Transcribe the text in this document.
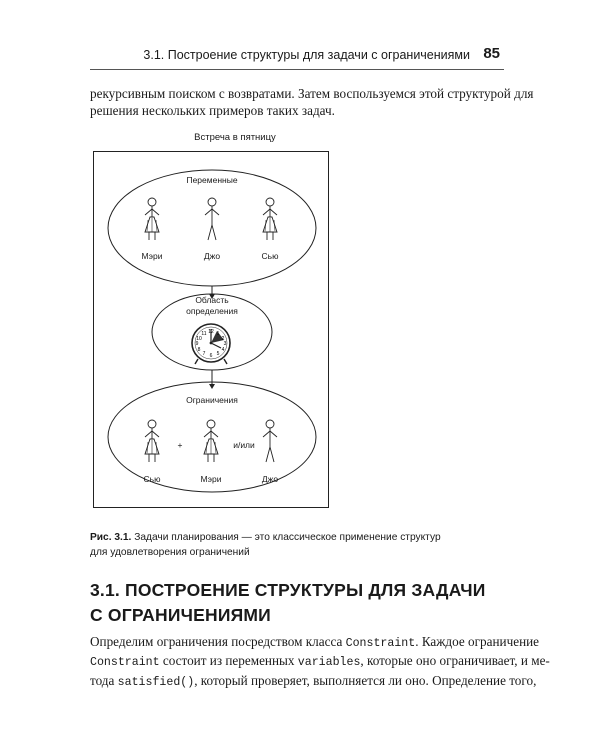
3.1. Построение структуры для задачи с ограничениями 85
рекурсивным поиском с возвратами. Затем воспользуемся этой структурой для
решения нескольких примеров таких задач.
Встреча в пятницу
Переменные
Мэри	Джо	Сью
Область
определения
12 1
2
3
4
5
6
7
8
9
10
11
Ограничения
+	и/или
Сью	Мэри	Джо
Рис. 3.1. Задачи планирования — это классическое применение структур
для удовлетворения ограничений
3.1. ПОСТРОЕНИЕ СТРУКТУРЫ ДЛЯ ЗАДАЧИ
С ОГРАНИЧЕНИЯМИ
Определим ограничения посредством класса Constraint. Каждое ограничение
Constraint состоит из переменных variables, которые оно ограничивает, и ме-
тода satisfied(), который проверяет, выполняется ли оно. Определение того,
